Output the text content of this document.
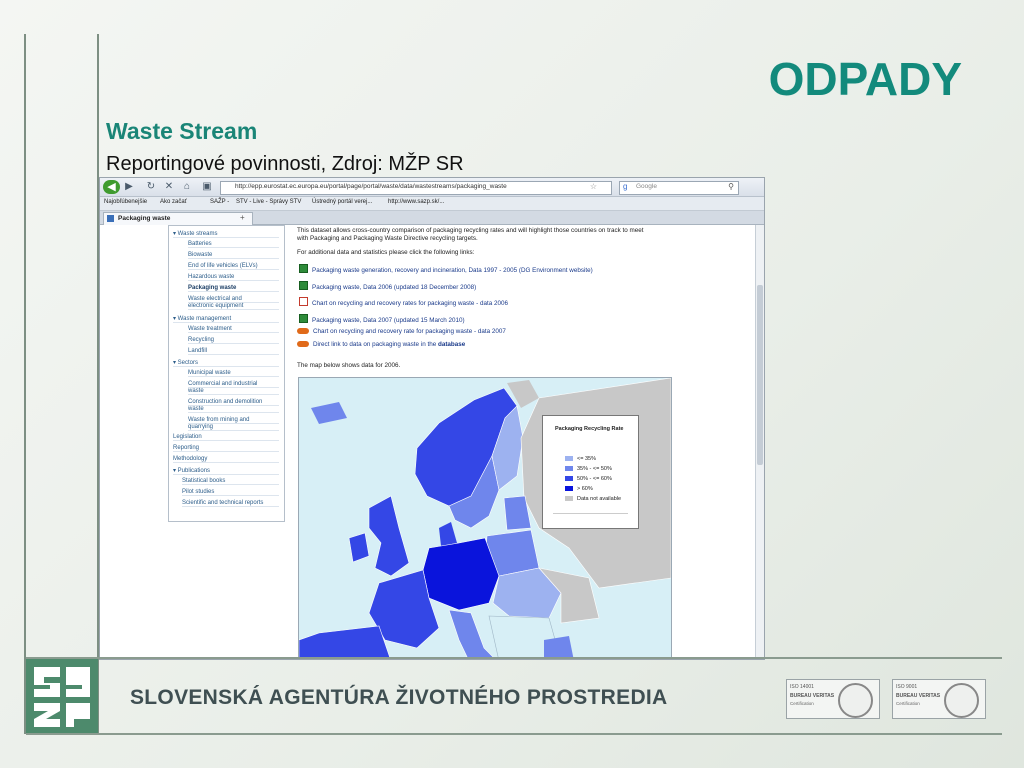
ODPADY
Waste Stream
Reportingové povinnosti, Zdroj: MŽP SR
◀ ▶	↻ ✕	⌂	▣	http://epp.eurostat.ec.europa.eu/portal/page/portal/waste/data/wastestreams/packaging_waste	☆	g Google	⚲
Najobľúbenejšie Ako začať	SAŽP - STV - Live - Správy STV Ústredný portál verej...	http://www.sazp.sk/...
Packaging waste	+
▾ Waste streams
Batteries
Biowaste
End of life vehicles (ELVs)
Hazardous waste
Packaging waste
Waste electrical and
electronic equipment
▾ Waste management
Waste treatment
Recycling
Landfill
▾ Sectors
Municipal waste
Commercial and industrial
waste
Construction and demolition
waste
Waste from mining and
quarrying
Legislation
Reporting
Methodology
▾ Publications
Statistical books
Pilot studies
Scientific and technical reports
This dataset allows cross-country comparison of packaging recycling rates and will highlight those countries on track to meet
with Packaging and Packaging Waste Directive recycling targets.
For additional data and statistics please click the following links:
Packaging waste generation, recovery and incineration, Data 1997 - 2005 (DG Environment website)
Packaging waste, Data 2006 (updated 18 December 2008)
Chart on recycling and recovery rates for packaging waste - data 2006
Packaging waste, Data 2007 (updated 15 March 2010)
Chart on recycling and recovery rate for packaging waste - data 2007
Direct link to data on packaging waste in the database
The map below shows data for 2006.
Packaging Recycling Rate
<= 35%
35% - <= 50%
50% - <= 60%
> 60%
Data not available
SLOVENSKÁ AGENTÚRA ŽIVOTNÉHO PROSTREDIA	ISO 14001
BUREAU VERITAS
Certification
ISO 9001
BUREAU VERITAS
Certification
